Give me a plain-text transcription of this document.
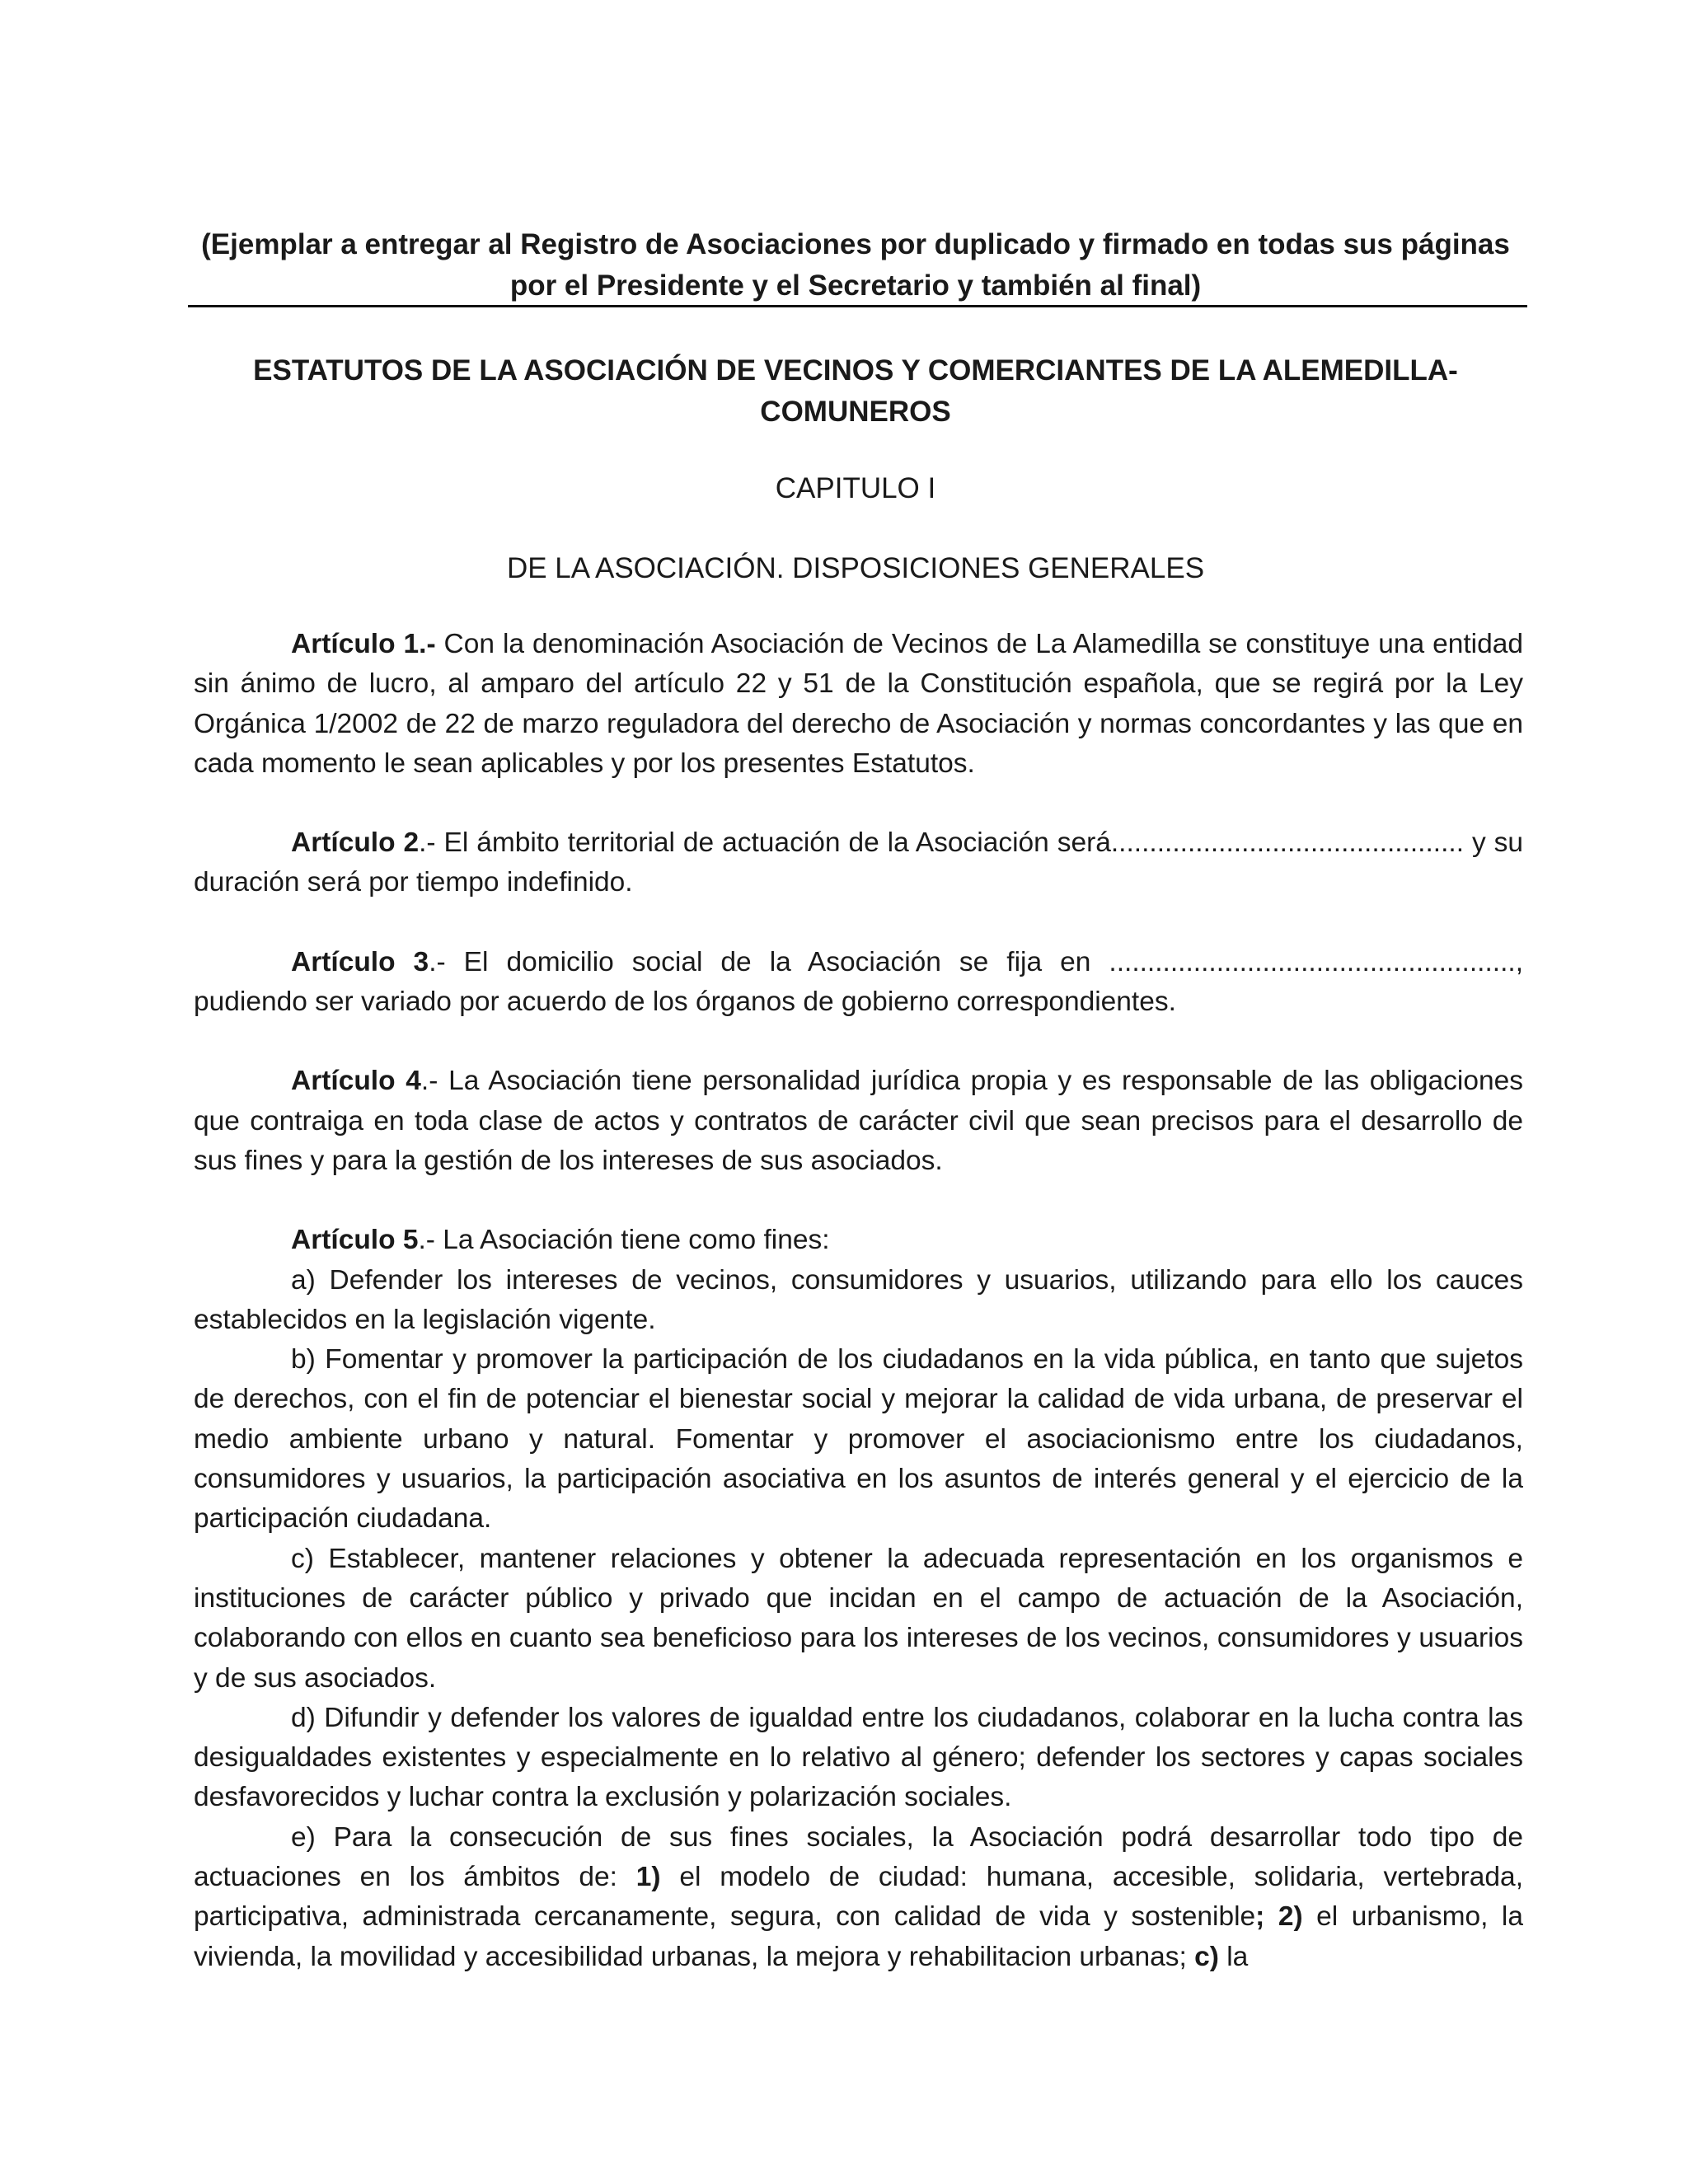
(Ejemplar a entregar al Registro de Asociaciones por duplicado y firmado en todas sus páginas
por el Presidente y el Secretario y también al final)
ESTATUTOS DE LA ASOCIACIÓN DE VECINOS Y COMERCIANTES DE LA ALEMEDILLA-COMUNEROS
CAPITULO I
DE LA ASOCIACIÓN. DISPOSICIONES GENERALES

Artículo 1.- Con la denominación Asociación de Vecinos de La Alamedilla se constituye una entidad sin ánimo de lucro, al amparo del artículo 22 y 51 de la Constitución española, que se regirá por la Ley Orgánica 1/2002 de 22 de marzo reguladora del derecho de Asociación y normas concordantes y las que en cada momento le sean aplicables y por los presentes Estatutos.

Artículo 2.- El ámbito territorial de actuación de la Asociación será.............................................. y su duración será por tiempo indefinido.

Artículo 3.- El domicilio social de la Asociación se fija en ....................................................., pudiendo ser variado por acuerdo de los órganos de gobierno correspondientes.

Artículo 4.- La Asociación tiene personalidad jurídica propia y es responsable de las obligaciones que contraiga en toda clase de actos y contratos de carácter civil que sean precisos para el desarrollo de sus fines y para la gestión de los intereses de sus asociados.

Artículo 5.- La Asociación tiene como fines:

a) Defender los intereses de vecinos, consumidores y usuarios, utilizando para ello los cauces establecidos en la legislación vigente.

b) Fomentar y promover la participación de los ciudadanos en la vida pública, en tanto que sujetos de derechos, con el fin de potenciar el bienestar social y mejorar la calidad de vida urbana, de preservar el medio ambiente urbano y natural. Fomentar y promover el asociacionismo entre los ciudadanos, consumidores y usuarios, la participación asociativa en los asuntos de interés general y el ejercicio de la participación ciudadana.

c) Establecer, mantener relaciones y obtener la adecuada representación en los organismos e instituciones de carácter público y privado que incidan en el campo de actuación de la Asociación, colaborando con ellos en cuanto sea beneficioso para los intereses de los vecinos, consumidores y usuarios y de sus asociados.

d) Difundir y defender los valores de igualdad entre los ciudadanos, colaborar en la lucha contra las desigualdades existentes y especialmente en lo relativo al género; defender los sectores y capas sociales desfavorecidos y luchar contra la exclusión y polarización sociales.

e) Para la consecución de sus fines sociales, la Asociación podrá desarrollar todo tipo de actuaciones en los ámbitos de: 1) el modelo de ciudad: humana, accesible, solidaria, vertebrada, participativa, administrada cercanamente, segura, con calidad de vida y sostenible; 2) el urbanismo, la vivienda, la movilidad y accesibilidad urbanas, la mejora y rehabilitacion urbanas; c) la
